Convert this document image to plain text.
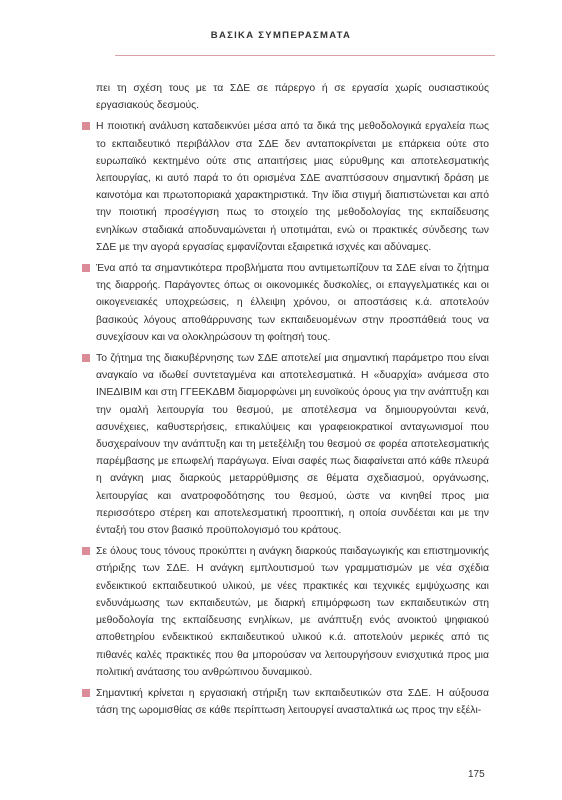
ΒΑΣΙΚΑ ΣΥΜΠΕΡΑΣΜΑΤΑ

πει τη σχέση τους με τα ΣΔΕ σε πάρεργο ή σε εργασία χωρίς ουσιαστικούς εργασιακούς δεσμούς.

Η ποιοτική ανάλυση καταδεικνύει μέσα από τα δικά της μεθοδολογικά εργαλεία πως το εκπαιδευτικό περιβάλλον στα ΣΔΕ δεν ανταποκρίνεται με επάρκεια ούτε στο ευρωπαϊκό κεκτημένο ούτε στις απαιτήσεις μιας εύρυθμης και αποτελεσματικής λειτουργίας, κι αυτό παρά το ότι ορισμένα ΣΔΕ αναπτύσσουν σημαντική δράση με καινοτόμα και πρωτοποριακά χαρακτηριστικά. Την ίδια στιγμή διαπιστώνεται και από την ποιοτική προσέγγιση πως το στοιχείο της μεθοδολογίας της εκπαίδευσης ενηλίκων σταδιακά αποδυναμώνεται ή υποτιμάται, ενώ οι πρακτικές σύνδεσης των ΣΔΕ με την αγορά εργασίας εμφανίζονται εξαιρετικά ισχνές και αδύναμες.
Ένα από τα σημαντικότερα προβλήματα που αντιμετωπίζουν τα ΣΔΕ είναι το ζήτημα της διαρροής. Παράγοντες όπως οι οικονομικές δυσκολίες, οι επαγγελματικές και οι οικογενειακές υποχρεώσεις, η έλλειψη χρόνου, οι αποστάσεις κ.ά. αποτελούν βασικούς λόγους αποθάρρυνσης των εκπαιδευομένων στην προσπάθειά τους να συνεχίσουν και να ολοκληρώσουν τη φοίτησή τους.
Το ζήτημα της διακυβέρνησης των ΣΔΕ αποτελεί μια σημαντική παράμετρο που είναι αναγκαίο να ιδωθεί συντεταγμένα και αποτελεσματικά. Η «δυαρχία» ανάμεσα στο ΙΝΕΔΙΒΙΜ και στη ΓΓΕΕΚΔΒΜ διαμορφώνει μη ευνοϊκούς όρους για την ανάπτυξη και την ομαλή λειτουργία του θεσμού, με αποτέλεσμα να δημιουργούνται κενά, ασυνέχειες, καθυστερήσεις, επικαλύψεις και γραφειοκρατικοί ανταγωνισμοί που δυσχεραίνουν την ανάπτυξη και τη μετεξέλιξη του θεσμού σε φορέα αποτελεσματικής παρέμβασης με επωφελή παράγωγα. Είναι σαφές πως διαφαίνεται από κάθε πλευρά η ανάγκη μιας διαρκούς μεταρρύθμισης σε θέματα σχεδιασμού, οργάνωσης, λειτουργίας και ανατροφοδότησης του θεσμού, ώστε να κινηθεί προς μια περισσότερο στέρεη και αποτελεσματική προοπτική, η οποία συνδέεται και με την ένταξή του στον βασικό προϋπολογισμό του κράτους.
Σε όλους τους τόνους προκύπτει η ανάγκη διαρκούς παιδαγωγικής και επιστημονικής στήριξης των ΣΔΕ. Η ανάγκη εμπλουτισμού των γραμματισμών με νέα σχέδια ενδεικτικού εκπαιδευτικού υλικού, με νέες πρακτικές και τεχνικές εμψύχωσης και ενδυνάμωσης των εκπαιδευτών, με διαρκή επιμόρφωση των εκπαιδευτικών στη μεθοδολογία της εκπαίδευσης ενηλίκων, με ανάπτυξη ενός ανοικτού ψηφιακού αποθετηρίου ενδεικτικού εκπαιδευτικού υλικού κ.ά. αποτελούν μερικές από τις πιθανές καλές πρακτικές που θα μπορούσαν να λειτουργήσουν ενισχυτικά προς μια πολιτική ανάτασης του ανθρώπινου δυναμικού.
Σημαντική κρίνεται η εργασιακή στήριξη των εκπαιδευτικών στα ΣΔΕ. Η αύξουσα τάση της ωρομισθίας σε κάθε περίπτωση λειτουργεί ανασταλτικά ως προς την εξέλι-
175
